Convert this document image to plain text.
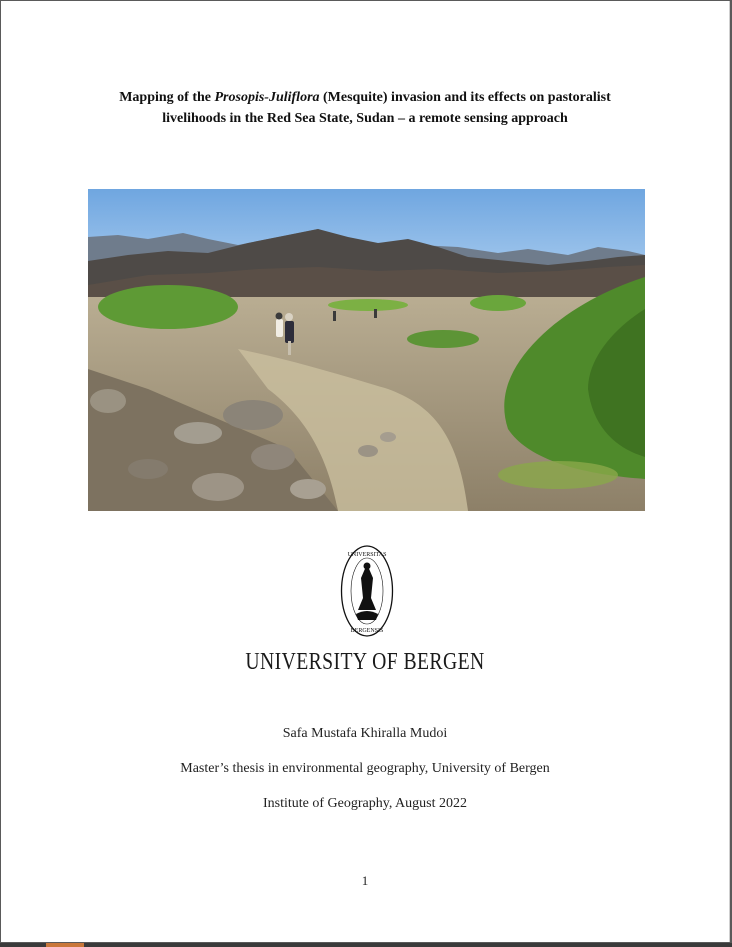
Mapping of the Prosopis-Juliflora (Mesquite) invasion and its effects on pastoralist
livelihoods in the Red Sea State, Sudan – a remote sensing approach
UNIVERSITAS
BERGENSIS
UNIVERSITY OF BERGEN
Safa Mustafa Khiralla Mudoi
Master’s thesis in environmental geography, University of Bergen
Institute of Geography, August 2022
1
